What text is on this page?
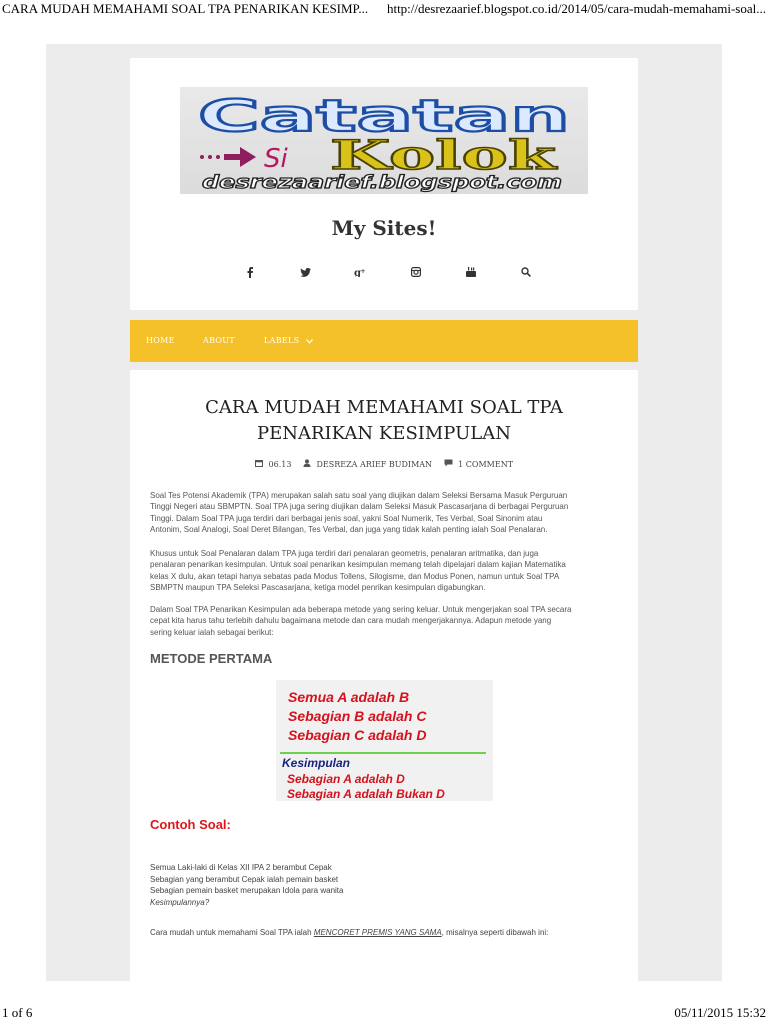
CARA MUDAH MEMAHAMI SOAL TPA PENARIKAN KESIMP... http://desrezaarief.blogspot.co.id/2014/05/cara-mudah-memahami-soal...
Catatan
Si Kolok
desrezaarief.blogspot.com
My Sites!
g +
HOME	ABOUT	LABELS
CARA MUDAH MEMAHAMI SOAL TPA
PENARIKAN KESIMPULAN
06.13	DESREZA ARIEF BUDIMAN	1 COMMENT
Soal Tes Potensi Akademik (TPA) merupakan salah satu soal yang diujikan dalam Seleksi Bersama Masuk Perguruan
Tinggi Negeri atau SBMPTN. Soal TPA juga sering diujikan dalam Seleksi Masuk Pascasarjana di berbagai Perguruan
Tinggi. Dalam Soal TPA juga terdiri dari berbagai jenis soal, yakni Soal Numerik, Tes Verbal, Soal Sinonim atau
Antonim, Soal Analogi, Soal Deret Bilangan, Tes Verbal, dan juga yang tidak kalah penting ialah Soal Penalaran.
Khusus untuk Soal Penalaran dalam TPA juga terdiri dari penalaran geometris, penalaran aritmatika, dan juga
penalaran penarikan kesimpulan. Untuk soal penarikan kesimpulan memang telah dipelajari dalam kajian Matematika
kelas X dulu, akan tetapi hanya sebatas pada Modus Tollens, Silogisme, dan Modus Ponen, namun untuk Soal TPA
SBMPTN maupun TPA Seleksi Pascasarjana, ketiga model penrikan kesimpulan digabungkan.
Dalam Soal TPA Penarikan Kesimpulan ada beberapa metode yang sering keluar. Untuk mengerjakan soal TPA secara
cepat kita harus tahu terlebih dahulu bagaimana metode dan cara mudah mengerjakannya. Adapun metode yang
sering keluar ialah sebagai berikut:
METODE PERTAMA
Semua A adalah B
Sebagian B adalah C
Sebagian C adalah D
Kesimpulan
Sebagian A adalah D
Sebagian A adalah Bukan D
Contoh Soal:
Semua Laki-laki di Kelas XII IPA 2 berambut Cepak
Sebagian yang berambut Cepak ialah pemain basket
Sebagian pemain basket merupakan Idola para wanita
Kesimpulannya?
Cara mudah untuk memahami Soal TPA ialah MENCORET PREMIS YANG SAMA, misalnya seperti dibawah ini:
1 of 6	05/11/2015 15:32
